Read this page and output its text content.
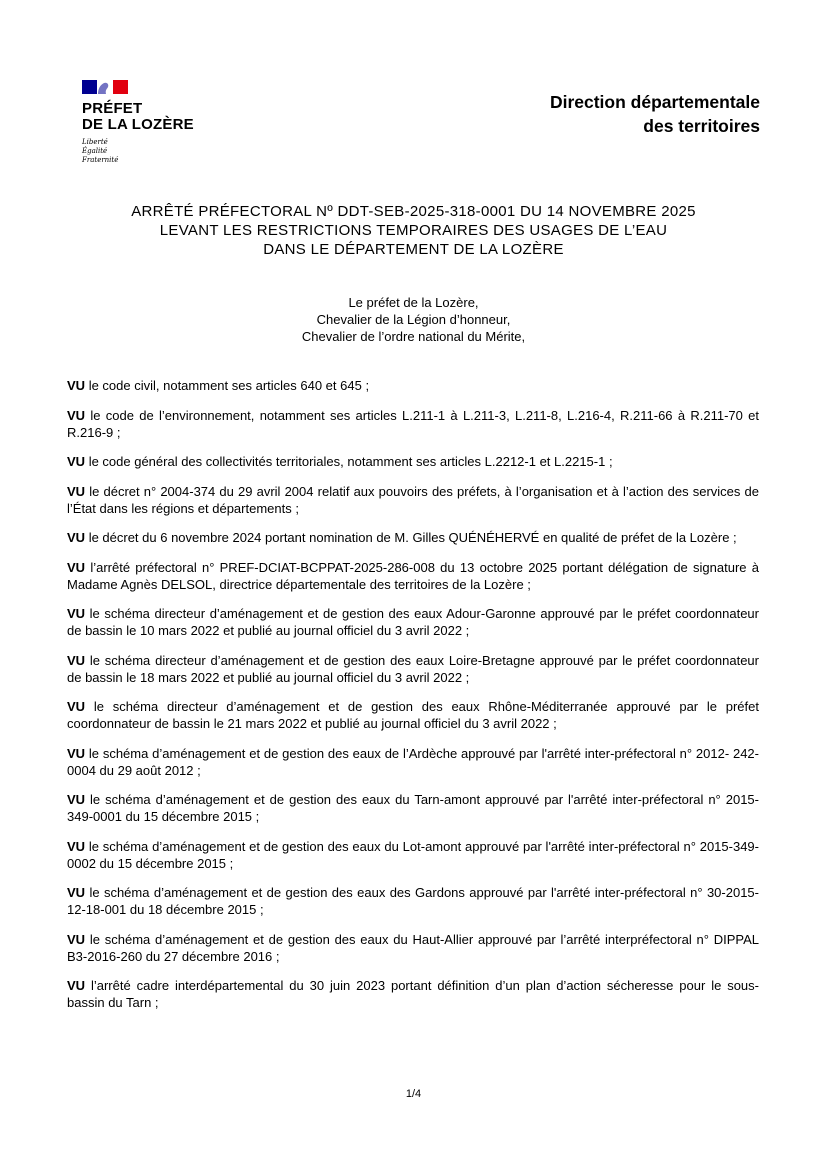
PRÉFET
DE LA LOZÈRE
Liberté
Égalité
Fraternité
Direction départementale
des territoires
ARRÊTÉ PRÉFECTORAL Nº DDT-SEB-2025-318-0001 DU 14 NOVEMBRE 2025
LEVANT LES RESTRICTIONS TEMPORAIRES DES USAGES DE L’EAU
DANS LE DÉPARTEMENT DE LA LOZÈRE
Le préfet de la Lozère,
Chevalier de la Légion d’honneur,
Chevalier de l’ordre national du Mérite,

VU le code civil, notamment ses articles 640 et 645 ;

VU le code de l’environnement, notamment ses articles L.211-1 à L.211-3, L.211-8, L.216-4, R.211-66 à R.211-70 et R.216-9 ;

VU le code général des collectivités territoriales, notamment ses articles L.2212-1 et L.2215-1 ;

VU le décret n° 2004-374 du 29 avril 2004 relatif aux pouvoirs des préfets, à l’organisation et à l’action des services de l’État dans les régions et départements ;

VU le décret du 6 novembre 2024 portant nomination de M. Gilles QUÉNÉHERVÉ en qualité de préfet de la Lozère ;

VU l’arrêté préfectoral n° PREF-DCIAT-BCPPAT-2025-286-008 du 13 octobre 2025 portant délégation de signature à Madame Agnès DELSOL, directrice départementale des territoires de la Lozère ;

VU le schéma directeur d’aménagement et de gestion des eaux Adour-Garonne approuvé par le préfet coordonnateur de bassin le 10 mars 2022 et publié au journal officiel du 3 avril 2022 ;

VU le schéma directeur d’aménagement et de gestion des eaux Loire-Bretagne approuvé par le préfet coordonnateur de bassin le 18 mars 2022 et publié au journal officiel du 3 avril 2022 ;

VU le schéma directeur d’aménagement et de gestion des eaux Rhône-Méditerranée approuvé par le préfet coordonnateur de bassin le 21 mars 2022 et publié au journal officiel du 3 avril 2022 ;

VU le schéma d’aménagement et de gestion des eaux de l’Ardèche approuvé par l'arrêté inter-préfectoral n° 2012- 242-0004 du 29 août 2012 ;

VU le schéma d’aménagement et de gestion des eaux du Tarn-amont approuvé par l'arrêté inter-préfectoral n° 2015-349-0001 du 15 décembre 2015 ;

VU le schéma d’aménagement et de gestion des eaux du Lot-amont approuvé par l'arrêté inter-préfectoral n° 2015-349-0002 du 15 décembre 2015 ;

VU le schéma d’aménagement et de gestion des eaux des Gardons approuvé par l'arrêté inter-préfectoral n° 30-2015-12-18-001 du 18 décembre 2015 ;

VU le schéma d’aménagement et de gestion des eaux du Haut-Allier approuvé par l’arrêté interpréfectoral n° DIPPAL B3-2016-260 du 27 décembre 2016 ;

VU l’arrêté cadre interdépartemental du 30 juin 2023 portant définition d’un plan d’action sécheresse pour le sous-bassin du Tarn ;

1/4
